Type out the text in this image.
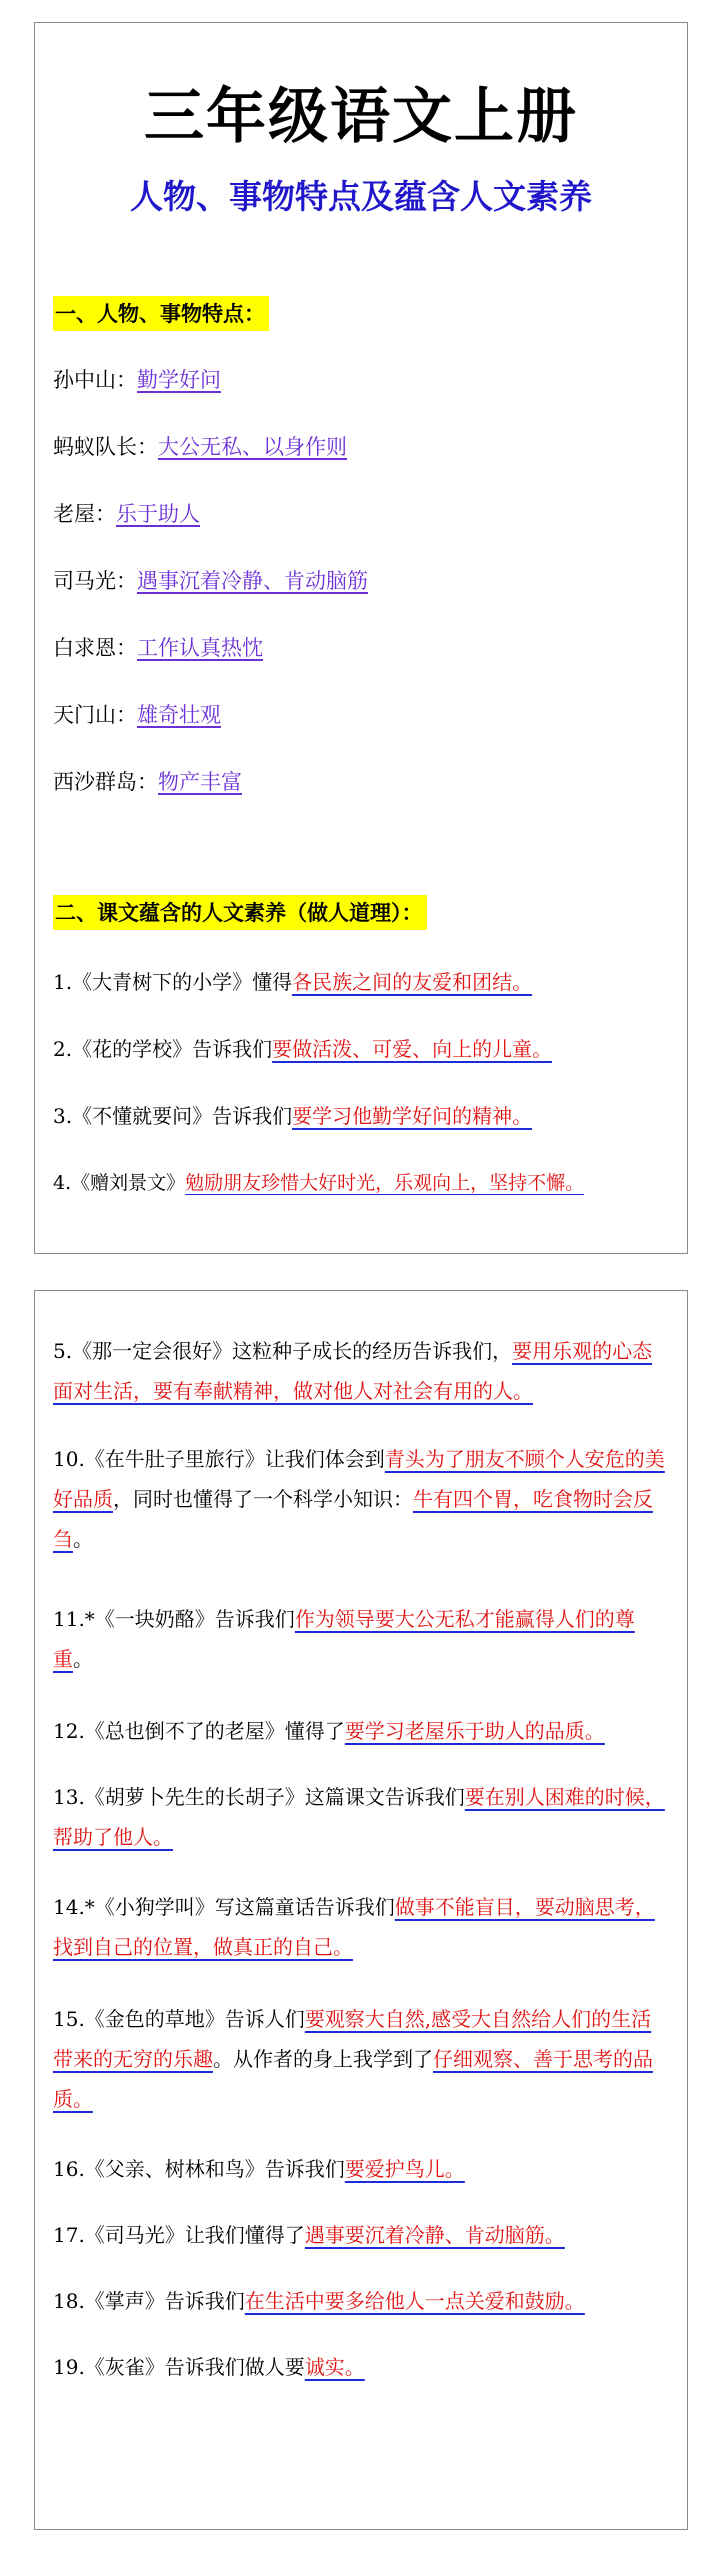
三年级语文上册
人物、事物特点及蕴含人文素养
一、人物、事物特点：
孙中山：勤学好问
蚂蚁队长：大公无私、以身作则
老屋：乐于助人
司马光：遇事沉着冷静、肯动脑筋
白求恩：工作认真热忱
天门山：雄奇壮观
西沙群岛：物产丰富
二、课文蕴含的人文素养（做人道理）：
1.《大青树下的小学》懂得各民族之间的友爱和团结。
2.《花的学校》告诉我们要做活泼、可爱、向上的儿童。
3.《不懂就要问》告诉我们要学习他勤学好问的精神。
4.《赠刘景文》勉励朋友珍惜大好时光，乐观向上，坚持不懈。
5.《那一定会很好》这粒种子成长的经历告诉我们，要用乐观的心态面对生活，要有奉献精神，做对他人对社会有用的人。
10.《在牛肚子里旅行》让我们体会到青头为了朋友不顾个人安危的美好品质，同时也懂得了一个科学小知识：牛有四个胃，吃食物时会反刍。
11.*《一块奶酪》告诉我们作为领导要大公无私才能赢得人们的尊重。
12.《总也倒不了的老屋》懂得了要学习老屋乐于助人的品质。
13.《胡萝卜先生的长胡子》这篇课文告诉我们要在别人困难的时候，帮助了他人。
14.*《小狗学叫》写这篇童话告诉我们做事不能盲目，要动脑思考，找到自己的位置，做真正的自己。
15.《金色的草地》告诉人们要观察大自然,感受大自然给人们的生活带来的无穷的乐趣。从作者的身上我学到了仔细观察、善于思考的品质。
16.《父亲、树林和鸟》告诉我们要爱护鸟儿。
17.《司马光》让我们懂得了遇事要沉着冷静、肯动脑筋。
18.《掌声》告诉我们在生活中要多给他人一点关爱和鼓励。
19.《灰雀》告诉我们做人要诚实。
